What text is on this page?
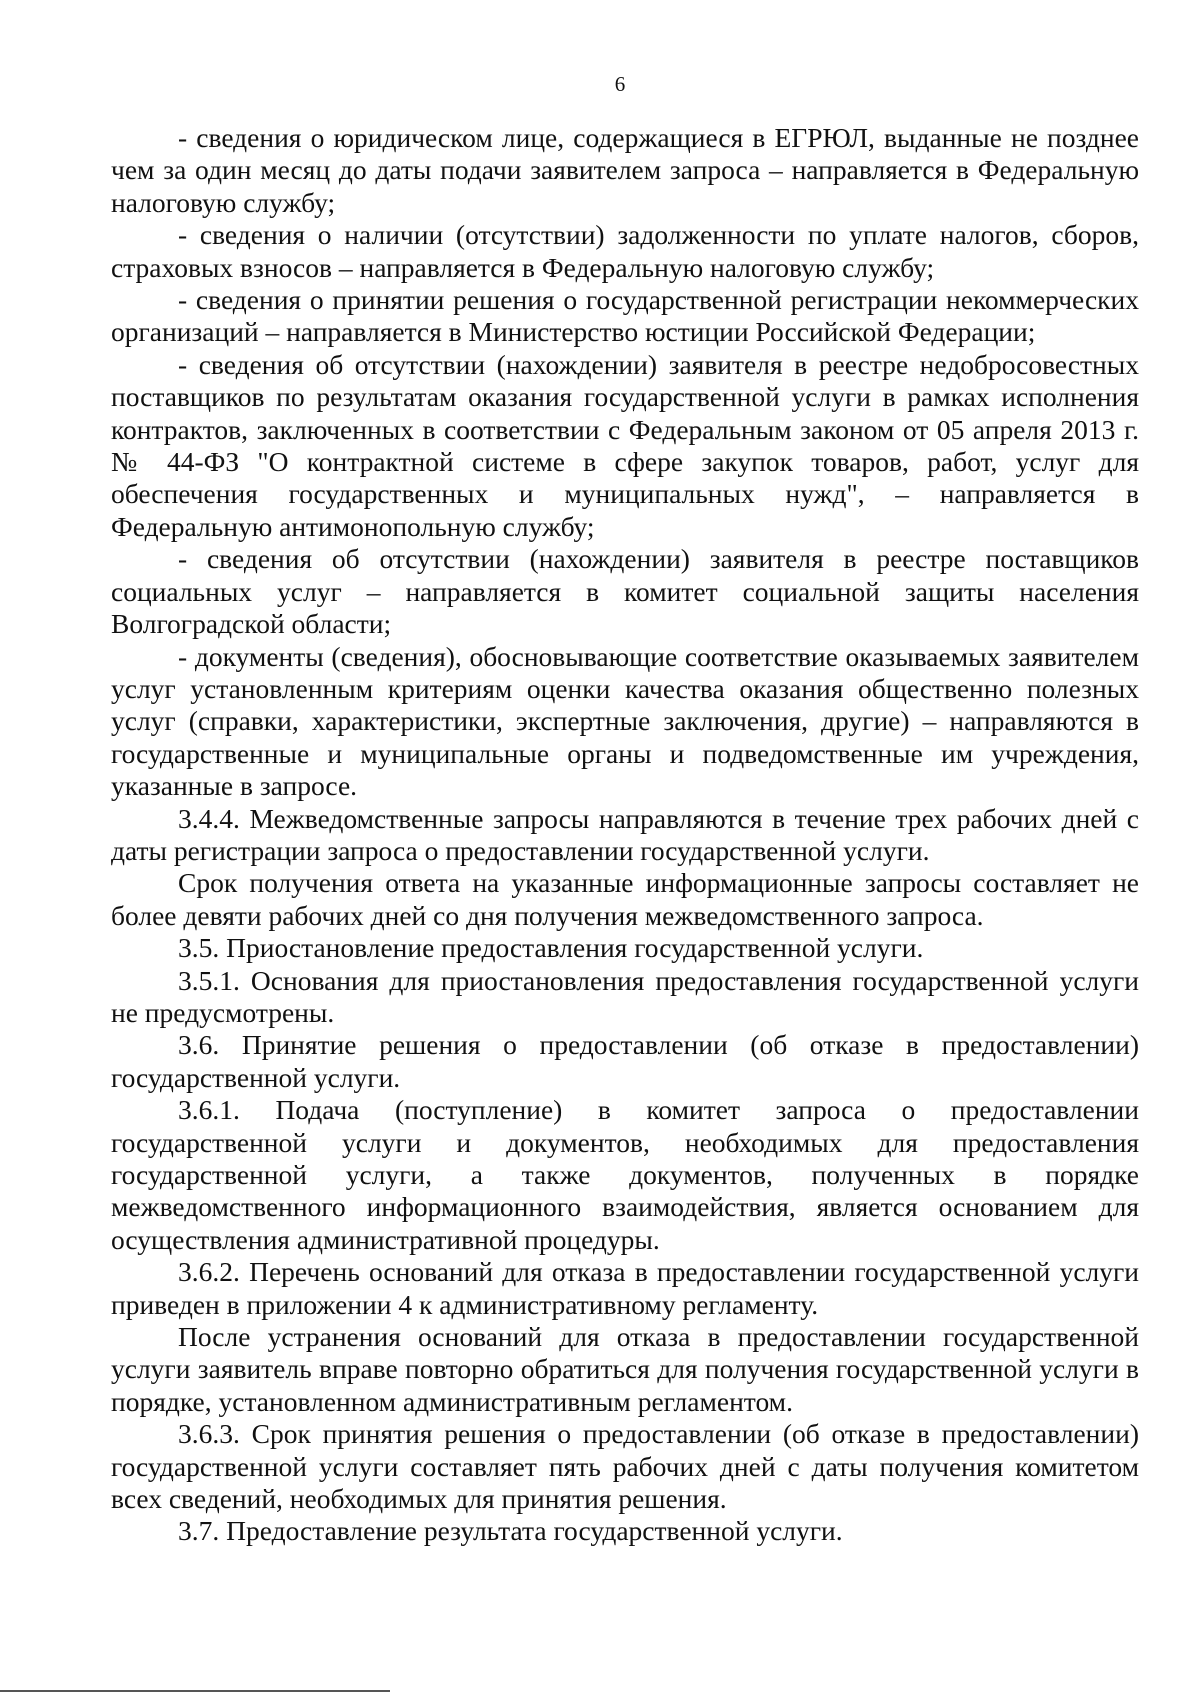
6

- сведения о юридическом лице, содержащиеся в ЕГРЮЛ, выданные не позднее чем за один месяц до даты подачи заявителем запроса – направляется в Федеральную налоговую службу;

- сведения о наличии (отсутствии) задолженности по уплате налогов, сборов, страховых взносов – направляется в Федеральную налоговую службу;

- сведения о принятии решения о государственной регистрации некоммерческих организаций – направляется в Министерство юстиции Российской Федерации;

- сведения об отсутствии (нахождении) заявителя в реестре недобросовестных поставщиков по результатам оказания государственной услуги в рамках исполнения контрактов, заключенных в соответствии с Федеральным законом от 05 апреля 2013 г. № 44-ФЗ "О контрактной системе в сфере закупок товаров, работ, услуг для обеспечения государственных и муниципальных нужд", – направляется в Федеральную антимонопольную службу;

- сведения об отсутствии (нахождении) заявителя в реестре поставщиков социальных услуг – направляется в комитет социальной защиты населения Волгоградской области;

- документы (сведения), обосновывающие соответствие оказываемых заявителем услуг установленным критериям оценки качества оказания общественно полезных услуг (справки, характеристики, экспертные заключения, другие) – направляются в государственные и муниципальные органы и подведомственные им учреждения, указанные в запросе.

3.4.4. Межведомственные запросы направляются в течение трех рабочих дней с даты регистрации запроса о предоставлении государственной услуги.

Срок получения ответа на указанные информационные запросы составляет не более девяти рабочих дней со дня получения межведомственного запроса.

3.5. Приостановление предоставления государственной услуги.

3.5.1. Основания для приостановления предоставления государственной услуги не предусмотрены.

3.6. Принятие решения о предоставлении (об отказе в предоставлении) государственной услуги.

3.6.1. Подача (поступление) в комитет запроса о предоставлении государственной услуги и документов, необходимых для предоставления государственной услуги, а также документов, полученных в порядке межведомственного информационного взаимодействия, является основанием для осуществления административной процедуры.

3.6.2. Перечень оснований для отказа в предоставлении государственной услуги приведен в приложении 4 к административному регламенту.

После устранения оснований для отказа в предоставлении государственной услуги заявитель вправе повторно обратиться для получения государственной услуги в порядке, установленном административным регламентом.

3.6.3. Срок принятия решения о предоставлении (об отказе в предоставлении) государственной услуги составляет пять рабочих дней с даты получения комитетом всех сведений, необходимых для принятия решения.

3.7. Предоставление результата государственной услуги.
